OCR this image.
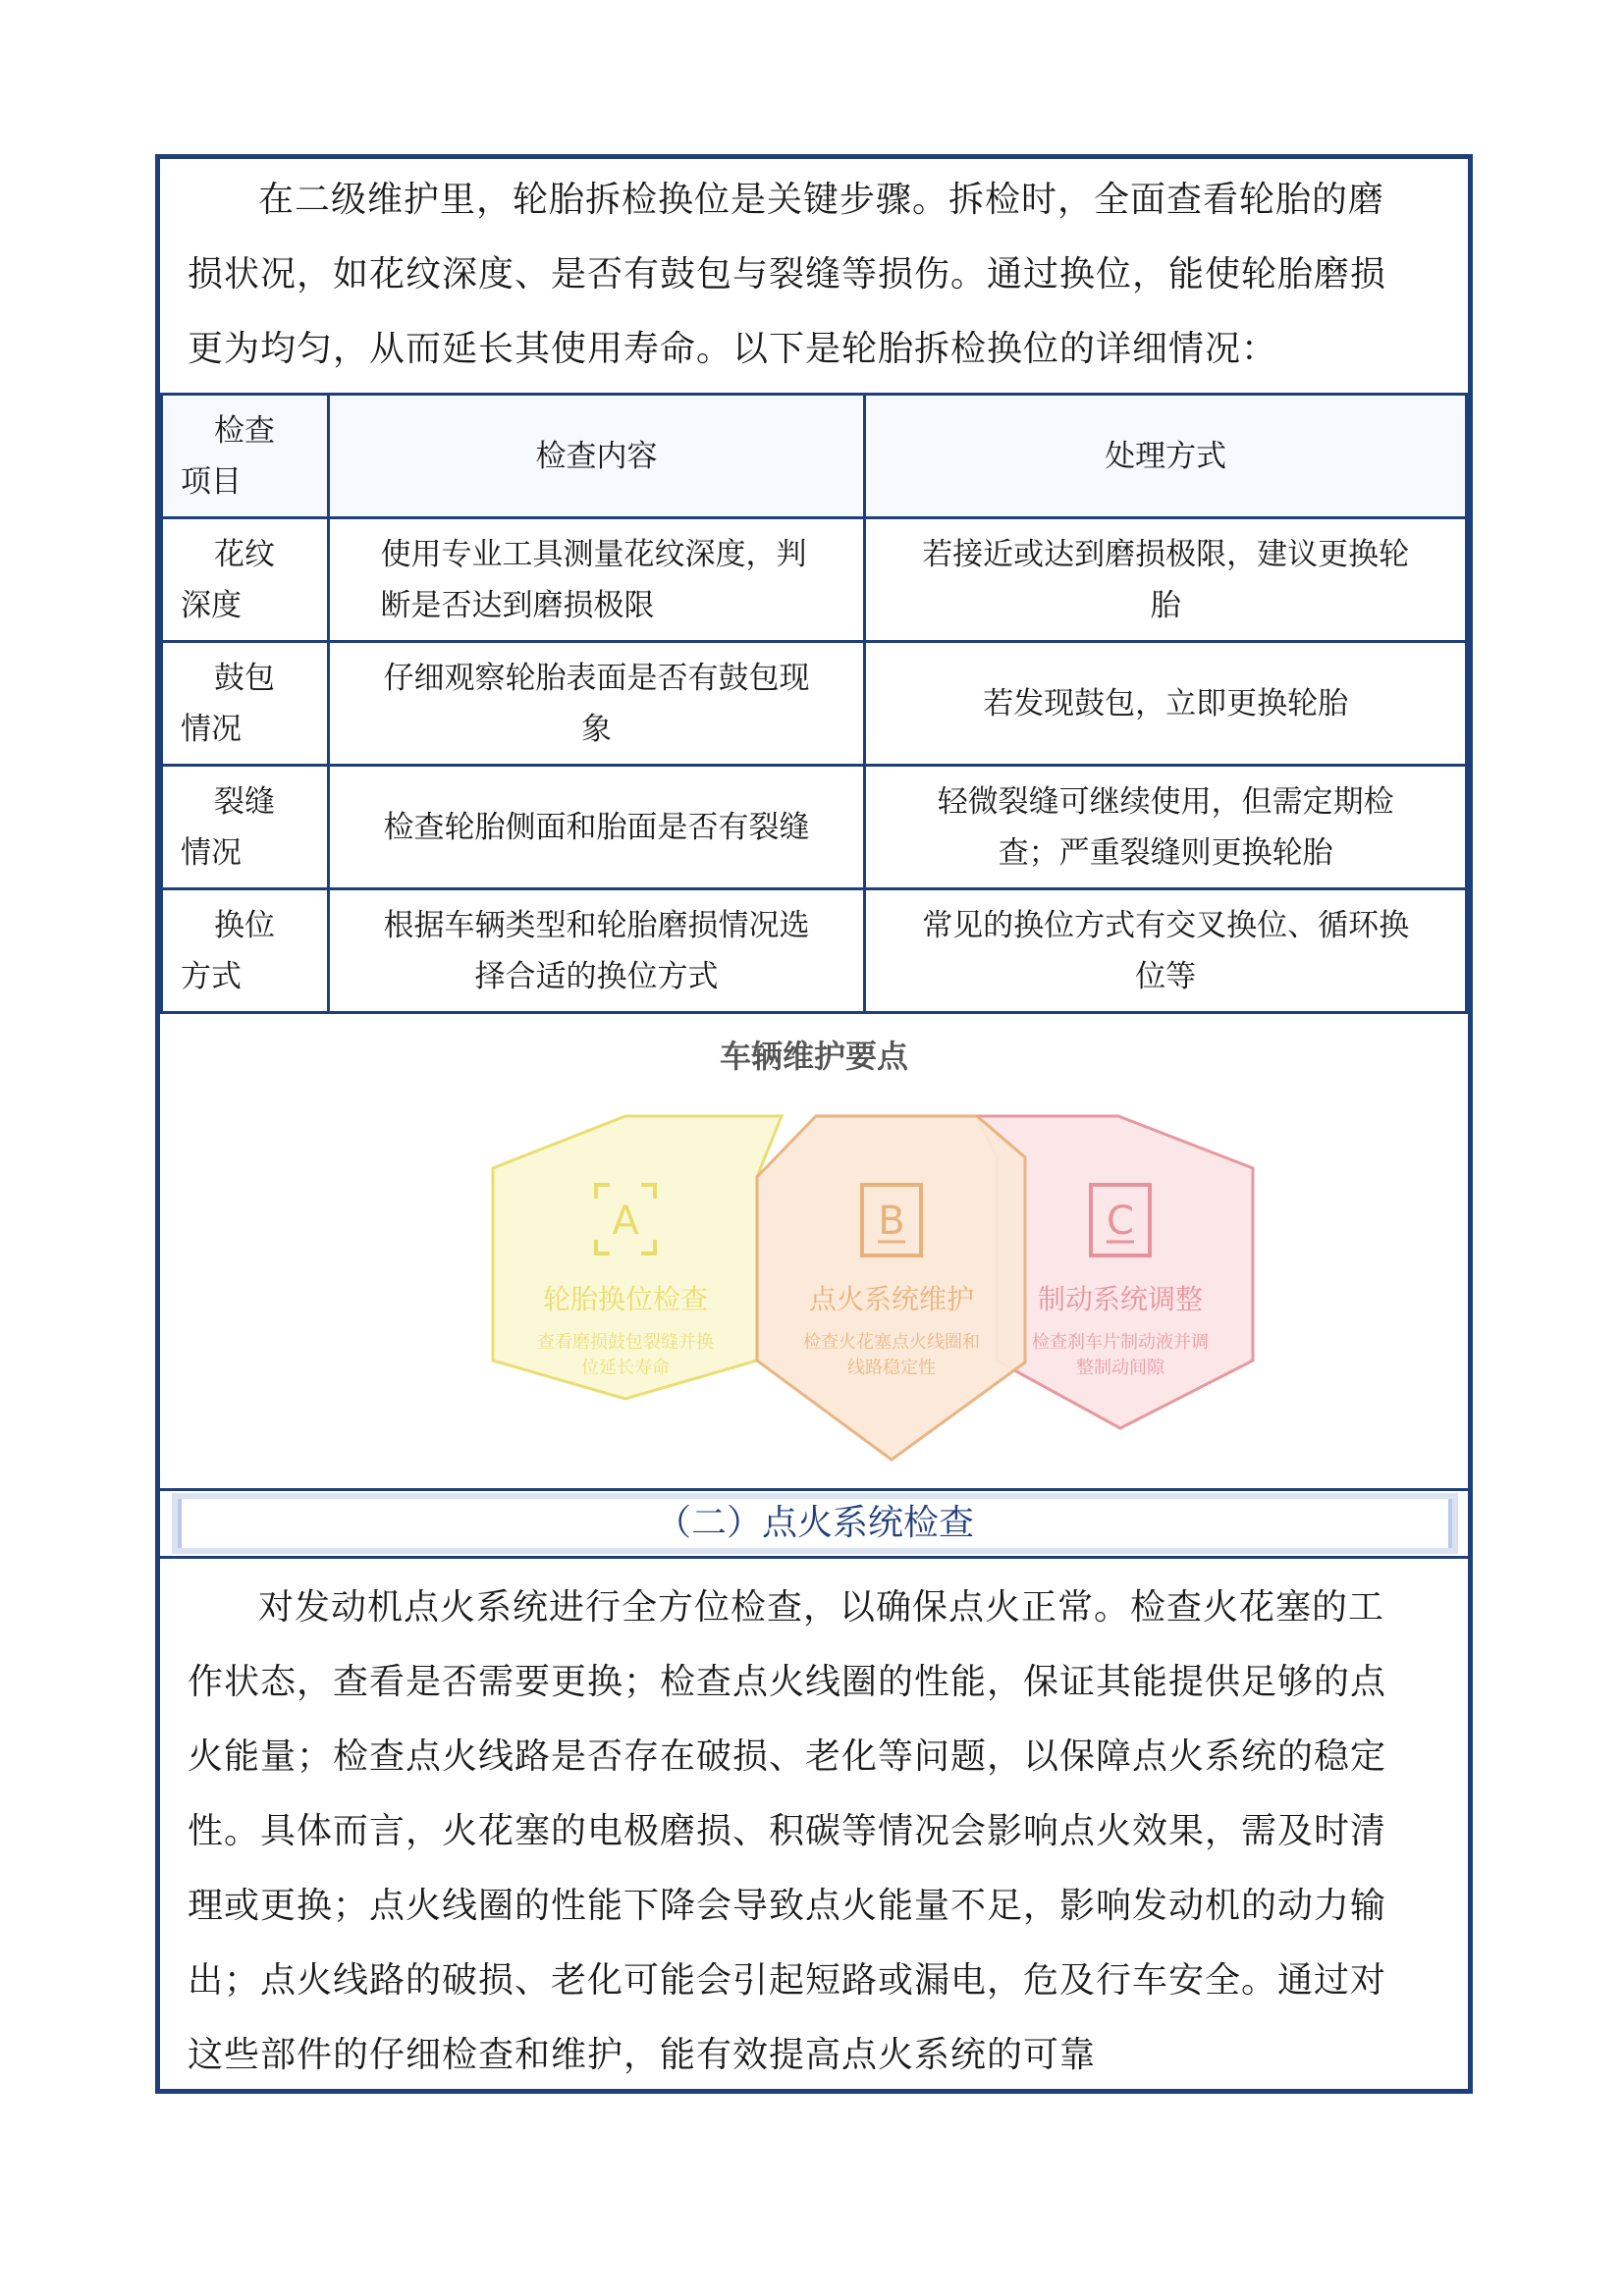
在二级维护里，轮胎拆检换位是关键步骤。拆检时，全面查看轮胎的磨损状况，如花纹深度、是否有鼓包与裂缝等损伤。通过换位，能使轮胎磨损更为均匀，从而延长其使用寿命。以下是轮胎拆检换位的详细情况：

检查
项目	检查内容	处理方式

花纹
深度	使用专业工具测量花纹深度，判断是否达到磨损极限	若接近或达到磨损极限，建议更换轮胎

鼓包
情况	仔细观察轮胎表面是否有鼓包现象	若发现鼓包，立即更换轮胎

裂缝
情况	检查轮胎侧面和胎面是否有裂缝	轻微裂缝可继续使用，但需定期检查；严重裂缝则更换轮胎

换位
方式	根据车辆类型和轮胎磨损情况选择合适的换位方式	常见的换位方式有交叉换位、循环换位等
车辆维护要点
A
轮胎换位检查
查看磨损鼓包裂缝并换
位延长寿命
C
制动系统调整
检查刹车片制动液并调
整制动间隙
B
点火系统维护
检查火花塞点火线圈和
线路稳定性
（二）点火系统检查

对发动机点火系统进行全方位检查，以确保点火正常。检查火花塞的工作状态，查看是否需要更换；检查点火线圈的性能，保证其能提供足够的点火能量；检查点火线路是否存在破损、老化等问题，以保障点火系统的稳定性。具体而言，火花塞的电极磨损、积碳等情况会影响点火效果，需及时清理或更换；点火线圈的性能下降会导致点火能量不足，影响发动机的动力输出；点火线路的破损、老化可能会引起短路或漏电，危及行车安全。通过对这些部件的仔细检查和维护，能有效提高点火系统的可靠
